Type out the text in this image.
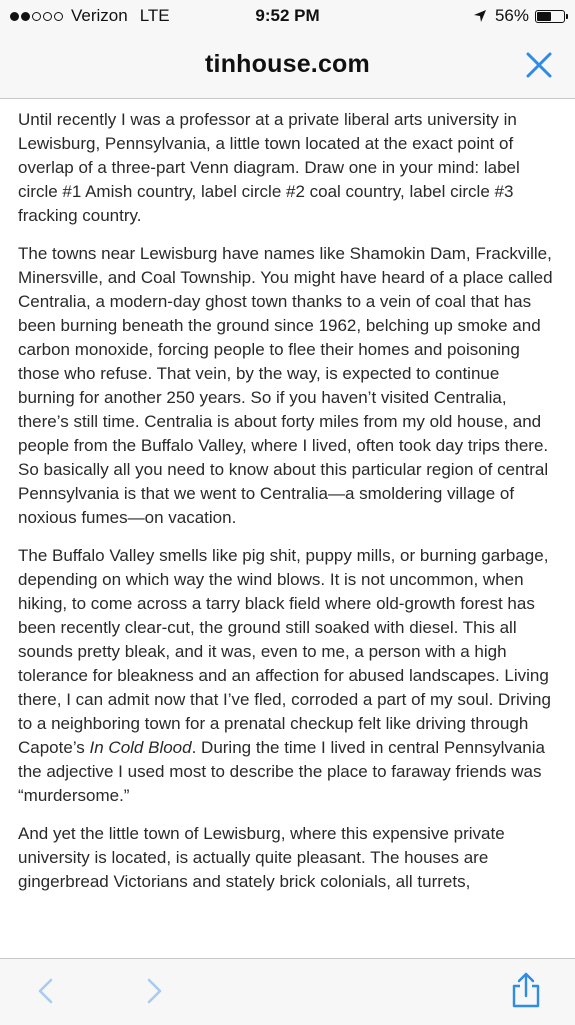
Verizon LTE	9:52 PM	56%
tinhouse.com

Until recently I was a professor at a private liberal arts university in Lewisburg, Pennsylvania, a little town located at the exact point of overlap of a three-part Venn diagram. Draw one in your mind: label circle #1 Amish country, label circle #2 coal country, label circle #3 fracking country.

The towns near Lewisburg have names like Shamokin Dam, Frackville, Minersville, and Coal Township. You might have heard of a place called Centralia, a modern-day ghost town thanks to a vein of coal that has been burning beneath the ground since 1962, belching up smoke and carbon monoxide, forcing people to flee their homes and poisoning those who refuse. That vein, by the way, is expected to continue burning for another 250 years. So if you haven’t visited Centralia, there’s still time. Centralia is about forty miles from my old house, and people from the Buffalo Valley, where I lived, often took day trips there. So basically all you need to know about this particular region of central Pennsylvania is that we went to Centralia—a smoldering village of noxious fumes—on vacation.

The Buffalo Valley smells like pig shit, puppy mills, or burning garbage, depending on which way the wind blows. It is not uncommon, when hiking, to come across a tarry black field where old-growth forest has been recently clear-cut, the ground still soaked with diesel. This all sounds pretty bleak, and it was, even to me, a person with a high tolerance for bleakness and an affection for abused landscapes. Living there, I can admit now that I’ve fled, corroded a part of my soul. Driving to a neighboring town for a prenatal checkup felt like driving through Capote’s In Cold Blood. During the time I lived in central Pennsylvania the adjective I used most to describe the place to faraway friends was “murdersome.”

And yet the little town of Lewisburg, where this expensive private university is located, is actually quite pleasant. The houses are gingerbread Victorians and stately brick colonials, all turrets,
